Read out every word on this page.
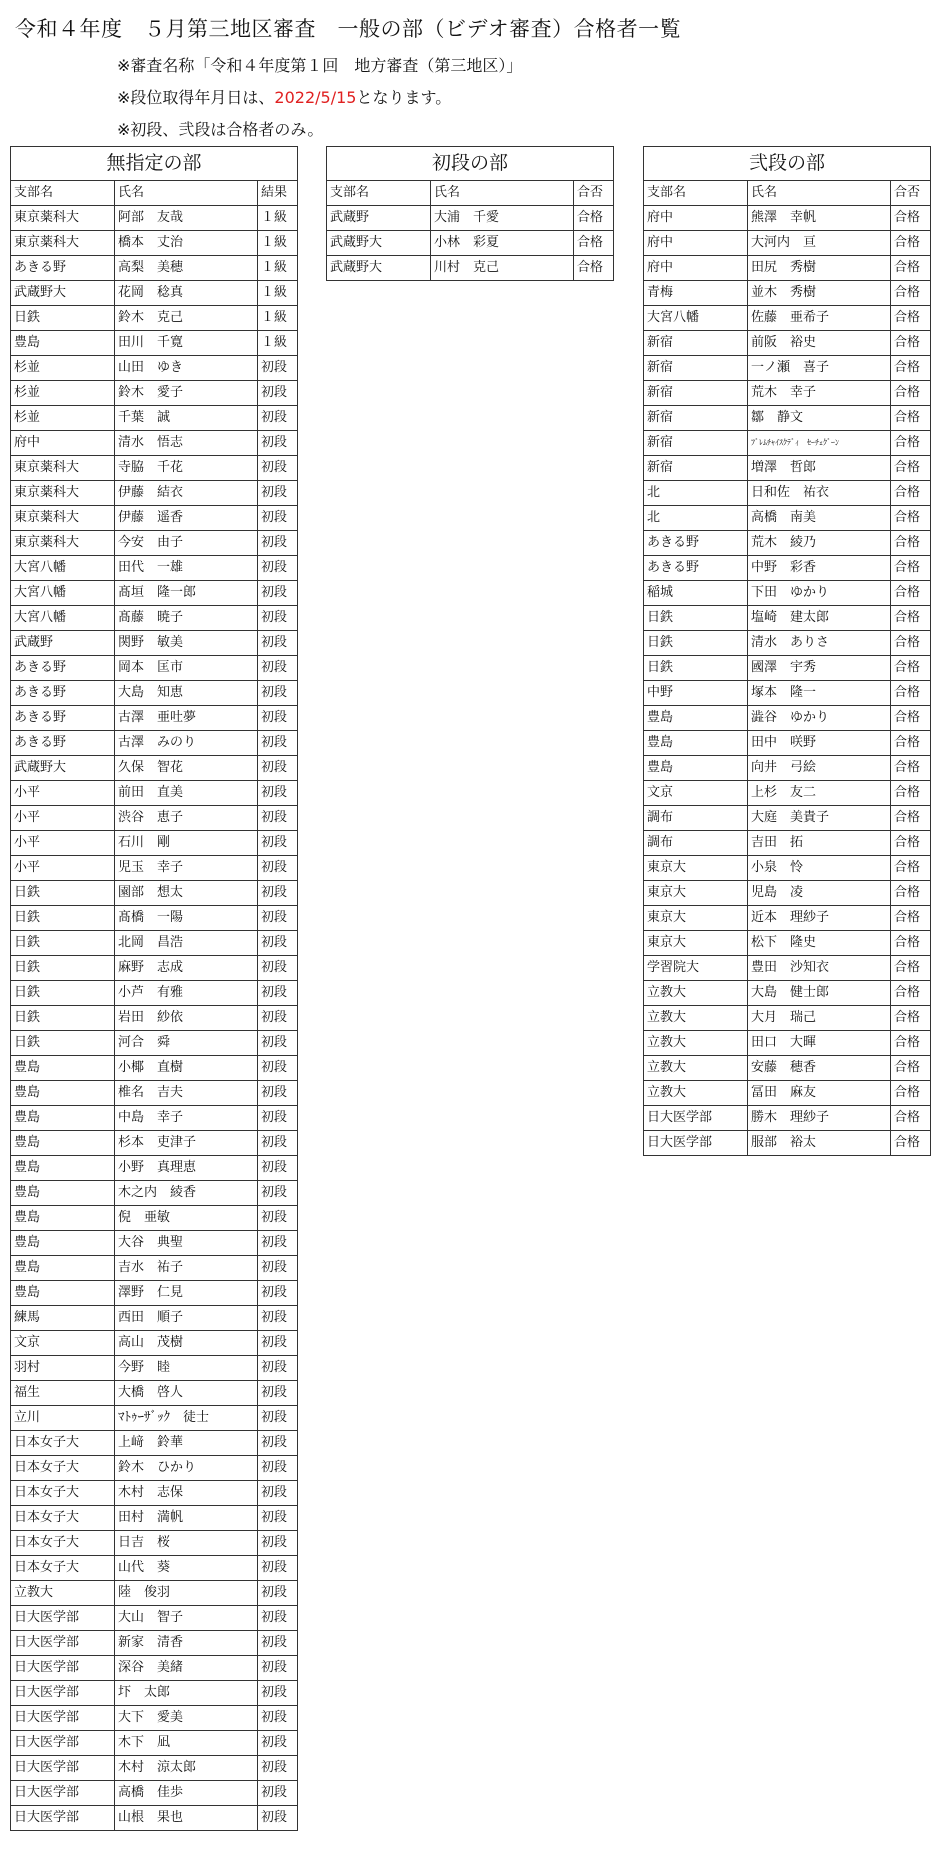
令和４年度　５月第三地区審査　一般の部（ビデオ審査）合格者一覧
※審査名称「令和４年度第１回　地方審査（第三地区）」
※段位取得年月日は、2022/5/15となります。
※初段、弐段は合格者のみ。
無指定の部		
支部名	氏名	結果
東京薬科大	阿部　友哉	１級
東京薬科大	橋本　丈治	１級
あきる野	高梨　美穂	１級
武蔵野大	花岡　稔真	１級
日鉄	鈴木　克己	１級
豊島	田川　千寛	１級
杉並	山田　ゆき	初段
杉並	鈴木　愛子	初段
杉並	千葉　誠	初段
府中	清水　悟志	初段
東京薬科大	寺脇　千花	初段
東京薬科大	伊藤　結衣	初段
東京薬科大	伊藤　遥香	初段
東京薬科大	今安　由子	初段
大宮八幡	田代　一雄	初段
大宮八幡	髙垣　隆一郎	初段
大宮八幡	髙藤　暁子	初段
武蔵野	関野　敏美	初段
あきる野	岡本　匡市	初段
あきる野	大島　知恵	初段
あきる野	古澤　亜吐夢	初段
あきる野	古澤　みのり	初段
武蔵野大	久保　智花	初段
小平	前田　直美	初段
小平	渋谷　恵子	初段
小平	石川　剛	初段
小平	児玉　幸子	初段
日鉄	園部　想太	初段
日鉄	髙橋　一陽	初段
日鉄	北岡　昌浩	初段
日鉄	麻野　志成	初段
日鉄	小芦　有雅	初段
日鉄	岩田　紗依	初段
日鉄	河合　舜	初段
豊島	小椰　直樹	初段
豊島	椎名　吉夫	初段
豊島	中島　幸子	初段
豊島	杉本　吏津子	初段
豊島	小野　真理恵	初段
豊島	木之内　綾香	初段
豊島	倪　亜敏	初段
豊島	大谷　典聖	初段
豊島	吉水　祐子	初段
豊島	澤野　仁見	初段
練馬	西田　順子	初段
文京	高山　茂樹	初段
羽村	今野　睦	初段
福生	大橋　啓人	初段
立川	ﾏﾄｩｰｻﾞｯｸ　徒士	初段
日本女子大	上﨑　鈴華	初段
日本女子大	鈴木　ひかり	初段
日本女子大	木村　志保	初段
日本女子大	田村　満帆	初段
日本女子大	日吉　桜	初段
日本女子大	山代　葵	初段
立教大	陸　俊羽	初段
日大医学部	大山　智子	初段
日大医学部	新家　清香	初段
日大医学部	深谷　美緒	初段
日大医学部	圷　太郎	初段
日大医学部	大下　愛美	初段
日大医学部	木下　凪	初段
日大医学部	木村　涼太郎	初段
日大医学部	高橋　佳歩	初段
日大医学部	山根　果也	初段
初段の部		
支部名	氏名	合否
武蔵野	大浦　千愛	合格
武蔵野大	小林　彩夏	合格
武蔵野大	川村　克己	合格
弐段の部		
支部名	氏名	合否
府中	熊澤　幸帆	合格
府中	大河内　亘	合格
府中	田尻　秀樹	合格
青梅	並木　秀樹	合格
大宮八幡	佐藤　亜希子	合格
新宿	前阪　裕史	合格
新宿	一ノ瀬　喜子	合格
新宿	荒木　幸子	合格
新宿	鄒　静文	合格
新宿	ﾌﾞﾚﾑﾁｬｲｽｸﾃﾞｨ　ｾｰﾁｪｸﾞｰﾝ	合格
新宿	増澤　哲郎	合格
北	日和佐　祐衣	合格
北	高橋　南美	合格
あきる野	荒木　綾乃	合格
あきる野	中野　彩香	合格
稲城	下田　ゆかり	合格
日鉄	塩崎　建太郎	合格
日鉄	清水　ありさ	合格
日鉄	國澤　宇秀	合格
中野	塚本　隆一	合格
豊島	澁谷　ゆかり	合格
豊島	田中　咲野	合格
豊島	向井　弓絵	合格
文京	上杉　友二	合格
調布	大庭　美貴子	合格
調布	吉田　拓	合格
東京大	小泉　怜	合格
東京大	児島　凌	合格
東京大	近本　理紗子	合格
東京大	松下　隆史	合格
学習院大	豊田　沙知衣	合格
立教大	大島　健士郎	合格
立教大	大月　瑞己	合格
立教大	田口　大暉	合格
立教大	安藤　穂香	合格
立教大	冨田　麻友	合格
日大医学部	勝木　理紗子	合格
日大医学部	服部　裕太	合格
